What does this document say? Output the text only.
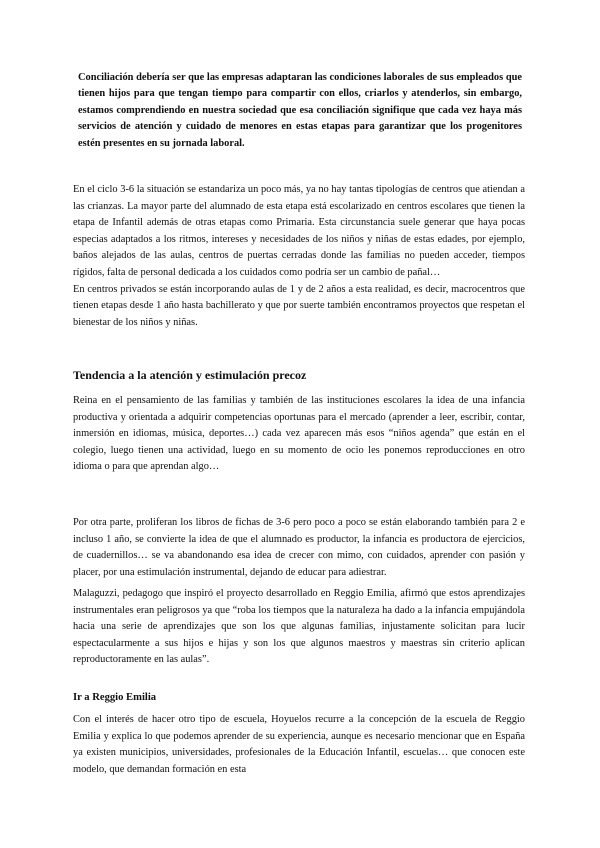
Conciliación debería ser que las empresas adaptaran las condiciones laborales de sus empleados que tienen hijos para que tengan tiempo para compartir con ellos, criarlos y atenderlos, sin embargo, estamos comprendiendo en nuestra sociedad que esa conciliación signifique que cada vez haya más servicios de atención y cuidado de menores en estas etapas para garantizar que los progenitores estén presentes en su jornada laboral.

En el ciclo 3-6 la situación se estandariza un poco más, ya no hay tantas tipologías de centros que atiendan a las crianzas. La mayor parte del alumnado de esta etapa está escolarizado en centros escolares que tienen la etapa de Infantil además de otras etapas como Primaria. Esta circunstancia suele generar que haya pocas especias adaptados a los ritmos, intereses y necesidades de los niños y niñas de estas edades, por ejemplo, baños alejados de las aulas, centros de puertas cerradas donde las familias no pueden acceder, tiempos rígidos, falta de personal dedicada a los cuidados como podría ser un cambio de pañal…

En centros privados se están incorporando aulas de 1 y de 2 años a esta realidad, es decir, macrocentros que tienen etapas desde 1 año hasta bachillerato y que por suerte también encontramos proyectos que respetan el bienestar de los niños y niñas.

Tendencia a la atención y estimulación precoz

Reina en el pensamiento de las familias y también de las instituciones escolares la idea de una infancia productiva y orientada a adquirir competencias oportunas para el mercado (aprender a leer, escribir, contar, inmersión en idiomas, música, deportes…) cada vez aparecen más esos “niños agenda” que están en el colegio, luego tienen una actividad, luego en su momento de ocio les ponemos reproducciones en otro idioma o para que aprendan algo…

Por otra parte, proliferan los libros de fichas de 3-6 pero poco a poco se están elaborando también para 2 e incluso 1 año, se convierte la idea de que el alumnado es productor, la infancia es productora de ejercicios, de cuadernillos… se va abandonando esa idea de crecer con mimo, con cuidados, aprender con pasión y placer, por una estimulación instrumental, dejando de educar para adiestrar.

Malaguzzi, pedagogo que inspiró el proyecto desarrollado en Reggio Emilia, afirmó que estos aprendizajes instrumentales eran peligrosos ya que “roba los tiempos que la naturaleza ha dado a la infancia empujándola hacia una serie de aprendizajes que son los que algunas familias, injustamente solicitan para lucir espectacularmente a sus hijos e hijas y son los que algunos maestros y maestras sin criterio aplican reproductoramente en las aulas”.

Ir a Reggio Emilia

Con el interés de hacer otro tipo de escuela, Hoyuelos recurre a la concepción de la escuela de Reggio Emilia y explica lo que podemos aprender de su experiencia, aunque es necesario mencionar que en España ya existen municipios, universidades, profesionales de la Educación Infantil, escuelas… que conocen este modelo, que demandan formación en esta
